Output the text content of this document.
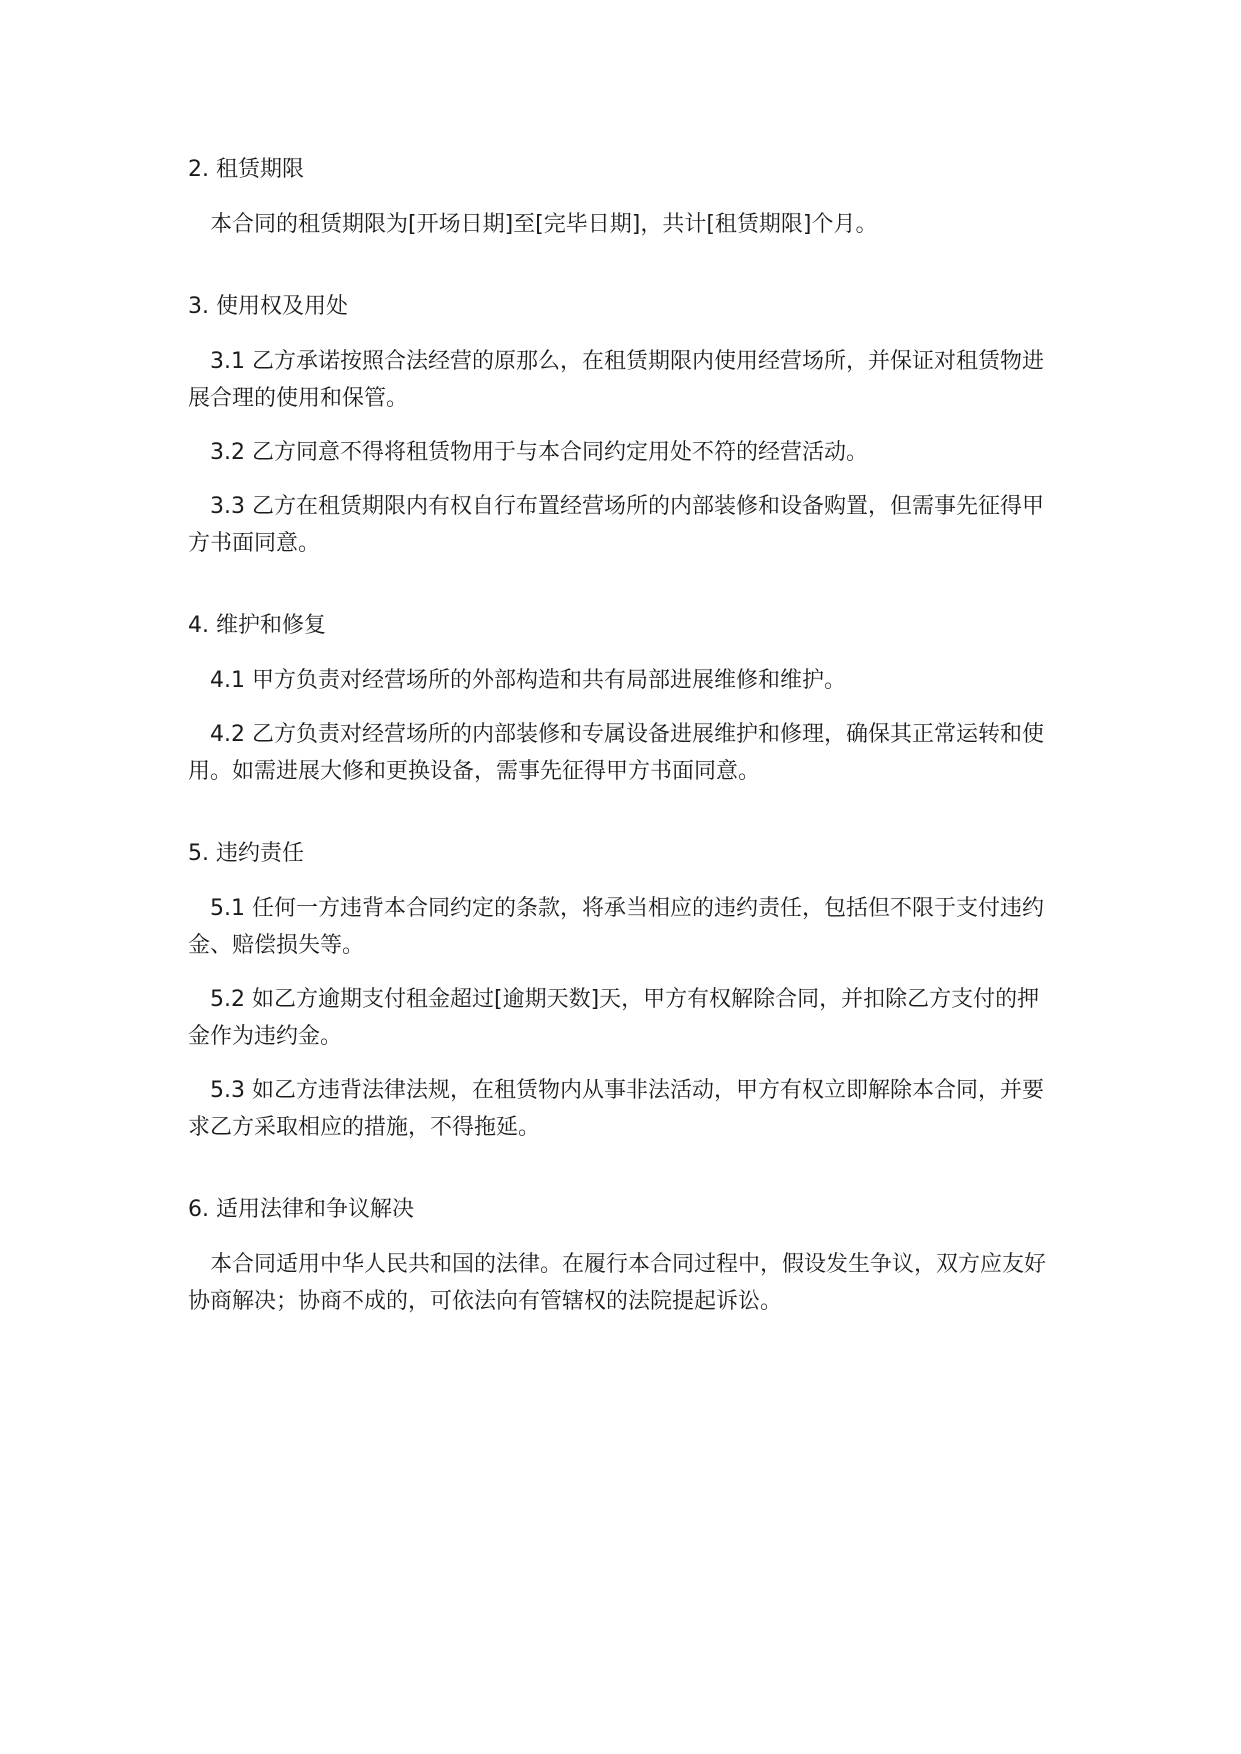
2. 租赁期限

本合同的租赁期限为[开场日期]至[完毕日期]，共计[租赁期限]个月。

3. 使用权及用处

3.1 乙方承诺按照合法经营的原那么，在租赁期限内使用经营场所，并保证对租赁物进展合理的使用和保管。

3.2 乙方同意不得将租赁物用于与本合同约定用处不符的经营活动。

3.3 乙方在租赁期限内有权自行布置经营场所的内部装修和设备购置，但需事先征得甲方书面同意。

4. 维护和修复

4.1 甲方负责对经营场所的外部构造和共有局部进展维修和维护。

4.2 乙方负责对经营场所的内部装修和专属设备进展维护和修理，确保其正常运转和使用。如需进展大修和更换设备，需事先征得甲方书面同意。

5. 违约责任

5.1 任何一方违背本合同约定的条款，将承当相应的违约责任，包括但不限于支付违约金、赔偿损失等。

5.2 如乙方逾期支付租金超过[逾期天数]天，甲方有权解除合同，并扣除乙方支付的押金作为违约金。

5.3 如乙方违背法律法规，在租赁物内从事非法活动，甲方有权立即解除本合同，并要求乙方采取相应的措施，不得拖延。

6. 适用法律和争议解决

本合同适用中华人民共和国的法律。在履行本合同过程中，假设发生争议，双方应友好协商解决；协商不成的，可依法向有管辖权的法院提起诉讼。
